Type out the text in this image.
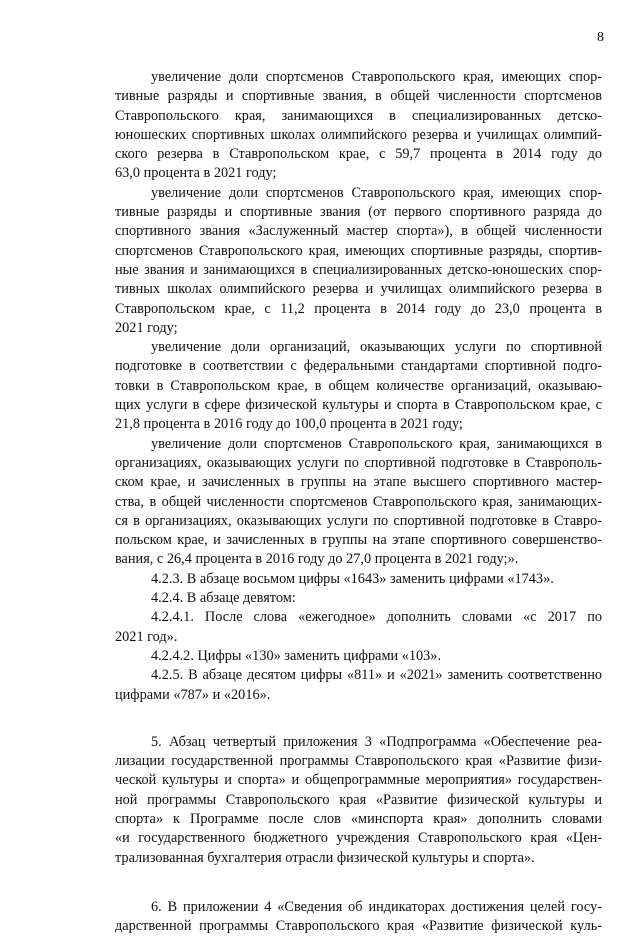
8
увеличение доли спортсменов Ставропольского края, имеющих спор-
тивные разряды и спортивные звания, в общей численности спортсменов
Ставропольского края, занимающихся в специализированных детско-
юношеских спортивных школах олимпийского резерва и училищах олимпий-
ского резерва в Ставропольском крае, с 59,7 процента в 2014 году до
63,0 процента в 2021 году;
увеличение доли спортсменов Ставропольского края, имеющих спор-
тивные разряды и спортивные звания (от первого спортивного разряда до
спортивного звания «Заслуженный мастер спорта»), в общей численности
спортсменов Ставропольского края, имеющих спортивные разряды, спортив-
ные звания и занимающихся в специализированных детско-юношеских спор-
тивных школах олимпийского резерва и училищах олимпийского резерва в
Ставропольском крае, с 11,2 процента в 2014 году до 23,0 процента в
2021 году;
увеличение доли организаций, оказывающих услуги по спортивной
подготовке в соответствии с федеральными стандартами спортивной подго-
товки в Ставропольском крае, в общем количестве организаций, оказываю-
щих услуги в сфере физической культуры и спорта в Ставропольском крае, с
21,8 процента в 2016 году до 100,0 процента в 2021 году;
увеличение доли спортсменов Ставропольского края, занимающихся в
организациях, оказывающих услуги по спортивной подготовке в Ставрополь-
ском крае, и зачисленных в группы на этапе высшего спортивного мастер-
ства, в общей численности спортсменов Ставропольского края, занимающих-
ся в организациях, оказывающих услуги по спортивной подготовке в Ставро-
польском крае, и зачисленных в группы на этапе спортивного совершенство-
вания, с 26,4 процента в 2016 году до 27,0 процента в 2021 году;».
4.2.3. В абзаце восьмом цифры «1643» заменить цифрами «1743».
4.2.4. В абзаце девятом:
4.2.4.1. После слова «ежегодное» дополнить словами «с 2017 по
2021 год».
4.2.4.2. Цифры «130» заменить цифрами «103».
4.2.5. В абзаце десятом цифры «811» и «2021» заменить соответственно
цифрами «787» и «2016».
5. Абзац четвертый приложения 3 «Подпрограмма «Обеспечение реа-
лизации государственной программы Ставропольского края «Развитие физи-
ческой культуры и спорта» и общепрограммные мероприятия» государствен-
ной программы Ставропольского края «Развитие физической культуры и
спорта» к Программе после слов «минспорта края» дополнить словами
«и государственного бюджетного учреждения Ставропольского края «Цен-
трализованная бухгалтерия отрасли физической культуры и спорта».
6. В приложении 4 «Сведения об индикаторах достижения целей госу-
дарственной программы Ставропольского края «Развитие физической куль-
